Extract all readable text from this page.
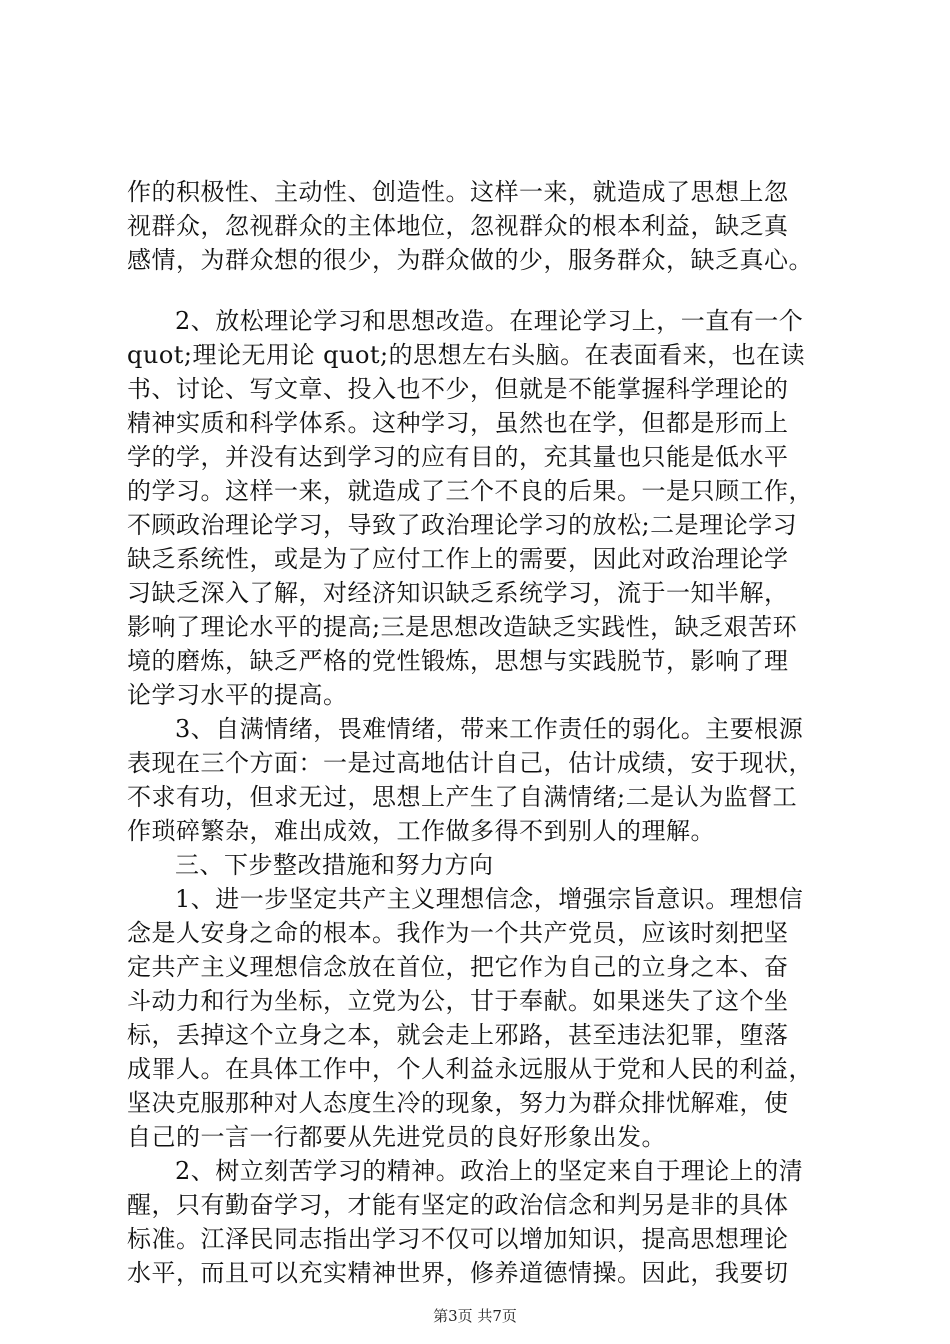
作的积极性、主动性、创造性。这样一来，就造成了思想上忽
视群众，忽视群众的主体地位，忽视群众的根本利益，缺乏真
感情，为群众想的很少，为群众做的少，服务群众，缺乏真心。
2、放松理论学习和思想改造。在理论学习上，一直有一个
quot;理论无用论 quot;的思想左右头脑。在表面看来，也在读
书、讨论、写文章、投入也不少，但就是不能掌握科学理论的
精神实质和科学体系。这种学习，虽然也在学，但都是形而上
学的学，并没有达到学习的应有目的，充其量也只能是低水平
的学习。这样一来，就造成了三个不良的后果。一是只顾工作，
不顾政治理论学习，导致了政治理论学习的放松;二是理论学习
缺乏系统性，或是为了应付工作上的需要，因此对政治理论学
习缺乏深入了解，对经济知识缺乏系统学习，流于一知半解，
影响了理论水平的提高;三是思想改造缺乏实践性，缺乏艰苦环
境的磨炼，缺乏严格的党性锻炼，思想与实践脱节，影响了理
论学习水平的提高。
3、自满情绪，畏难情绪，带来工作责任的弱化。主要根源
表现在三个方面：一是过高地估计自己，估计成绩，安于现状，
不求有功，但求无过，思想上产生了自满情绪;二是认为监督工
作琐碎繁杂，难出成效，工作做多得不到别人的理解。
三、下步整改措施和努力方向
1、进一步坚定共产主义理想信念，增强宗旨意识。理想信
念是人安身之命的根本。我作为一个共产党员，应该时刻把坚
定共产主义理想信念放在首位，把它作为自己的立身之本、奋
斗动力和行为坐标，立党为公，甘于奉献。如果迷失了这个坐
标，丢掉这个立身之本，就会走上邪路，甚至违法犯罪，堕落
成罪人。在具体工作中，个人利益永远服从于党和人民的利益，
坚决克服那种对人态度生冷的现象，努力为群众排忧解难，使
自己的一言一行都要从先进党员的良好形象出发。
2、树立刻苦学习的精神。政治上的坚定来自于理论上的清
醒，只有勤奋学习，才能有坚定的政治信念和判另是非的具体
标准。江泽民同志指出学习不仅可以增加知识，提高思想理论
水平，而且可以充实精神世界，修养道德情操。因此，我要切
第3页 共7页
